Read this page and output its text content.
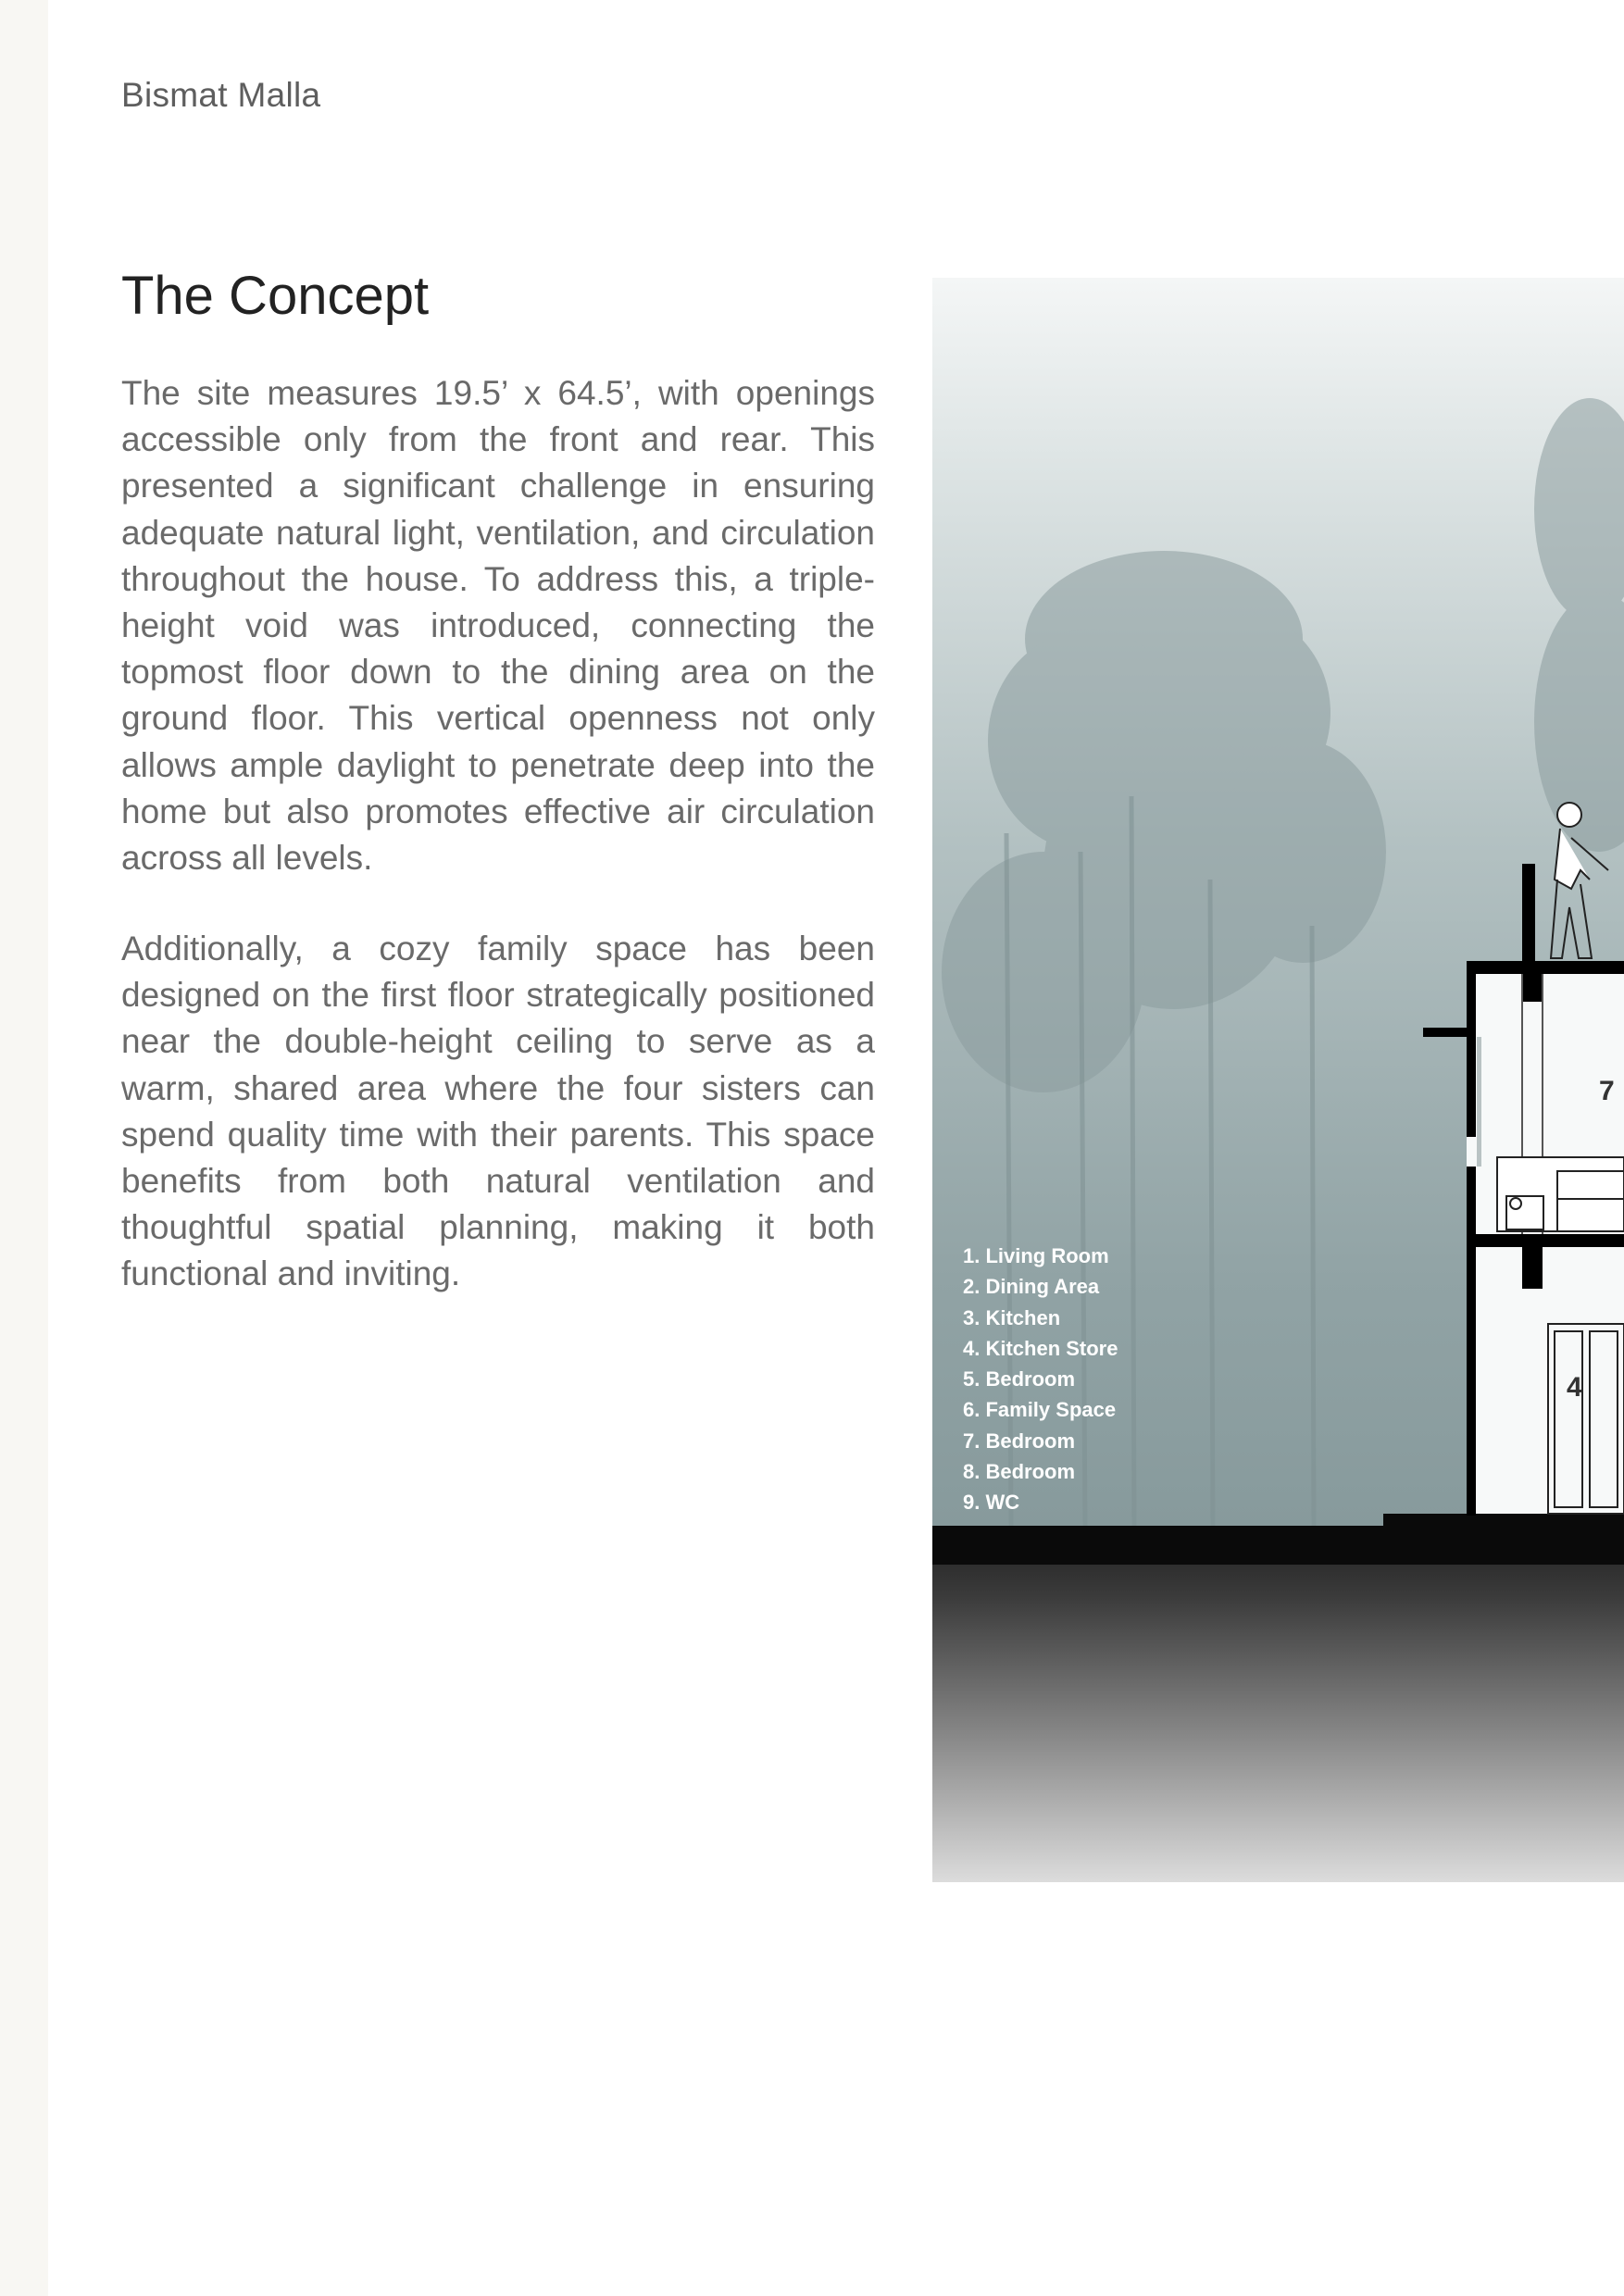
Bismat Malla
The Concept

The site measures 19.5’ x 64.5’, with openings accessible only from the front and rear. This presented a significant challenge in ensuring adequate natural light, ventilation, and circulation throughout the house. To address this, a triple-height void was introduced, connecting the topmost floor down to the dining area on the ground floor. This vertical openness not only allows ample daylight to penetrate deep into the home but also promotes effective air circulation across all levels.

Additionally, a cozy family space has been designed on the first floor strategically positioned near the double-height ceiling to serve as a warm, shared area where the four sisters can spend quality time with their parents. This space benefits from both natural ventilation and thoughtful spatial planning, making it both functional and inviting.	1. Living Room
2. Dining Area
3. Kitchen
4. Kitchen Store
5. Bedroom
6. Family Space
7. Bedroom
8. Bedroom
9. WC
7
4
